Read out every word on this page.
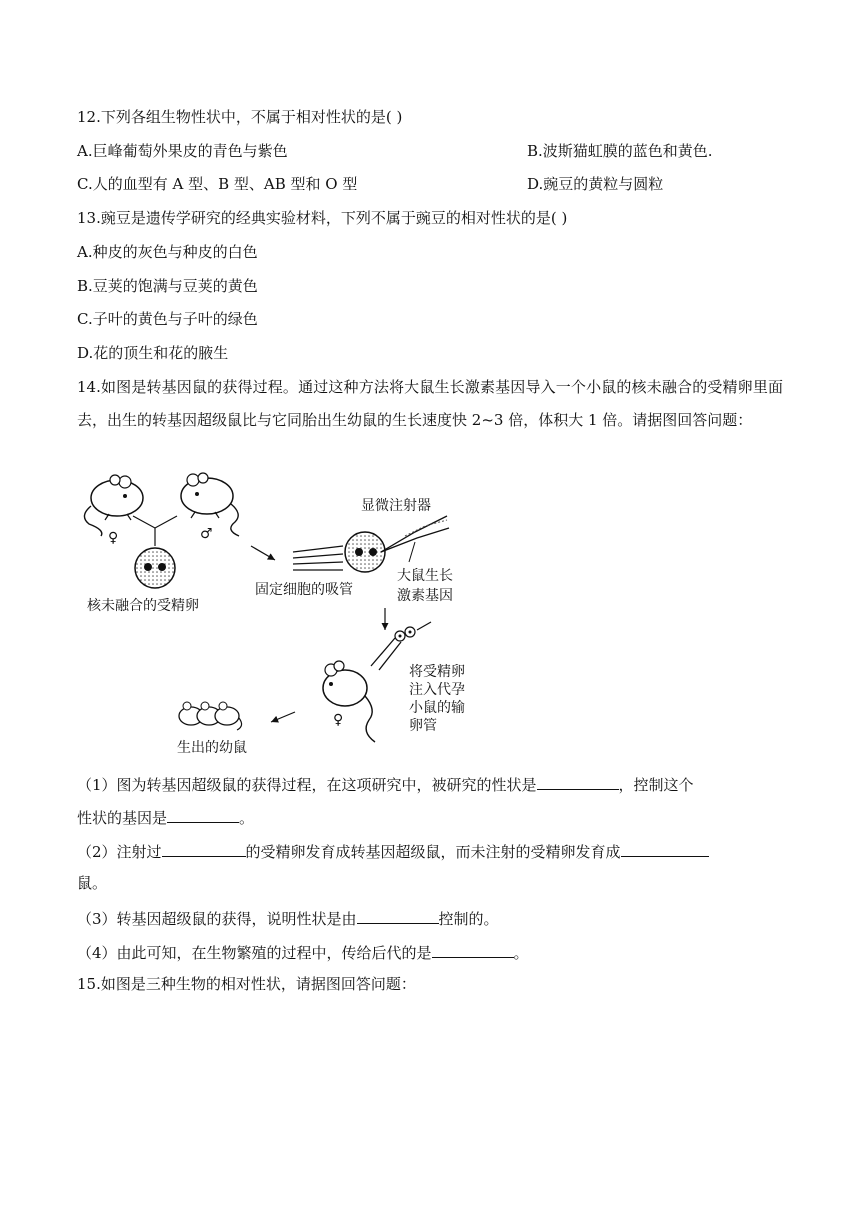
12.下列各组生物性状中，不属于相对性状的是( )
A.巨峰葡萄外果皮的青色与紫色	B.波斯猫虹膜的蓝色和黄色.
C.人的血型有 A 型、B 型、AB 型和 O 型	D.豌豆的黄粒与圆粒
13.豌豆是遗传学研究的经典实验材料，下列不属于豌豆的相对性状的是( )
A.种皮的灰色与种皮的白色
B.豆荚的饱满与豆荚的黄色
C.子叶的黄色与子叶的绿色
D.花的顶生和花的腋生
14.如图是转基因鼠的获得过程。通过这种方法将大鼠生长激素基因导入一个小鼠的核未融合的受精卵里面去，出生的转基因超级鼠比与它同胎出生幼鼠的生长速度快 2~3 倍，体积大 1 倍。请据图回答问题：
♀	♂
核未融合的受精卵
显微注射器
固定细胞的吸管
大鼠生长
激素基因
♀
将受精卵
注入代孕
小鼠的输
卵管
生出的幼鼠
（1）图为转基因超级鼠的获得过程，在这项研究中，被研究的性状是	，控制这个
性状的基因是	。
（2）注射过	的受精卵发育成转基因超级鼠，而未注射的受精卵发育成
鼠。
（3）转基因超级鼠的获得，说明性状是由	控制的。
（4）由此可知，在生物繁殖的过程中，传给后代的是	。
15.如图是三种生物的相对性状，请据图回答问题：
